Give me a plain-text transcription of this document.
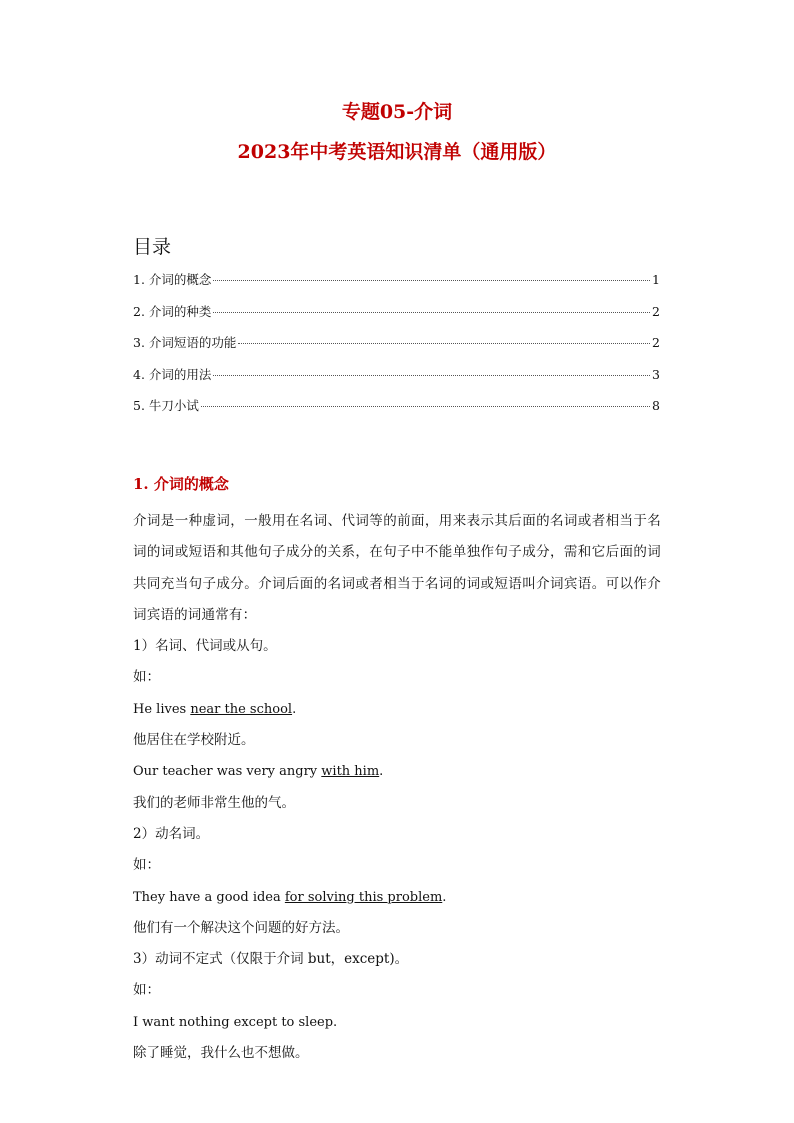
专题05-介词
2023年中考英语知识清单（通用版）
目录
1. 介词的概念	1
2. 介词的种类	2
3. 介词短语的功能	2
4. 介词的用法	3
5. 牛刀小试	8
1. 介词的概念

介词是一种虚词，一般用在名词、代词等的前面，用来表示其后面的名词或者相当于名词的词或短语和其他句子成分的关系，在句子中不能单独作句子成分，需和它后面的词共同充当句子成分。介词后面的名词或者相当于名词的词或短语叫介词宾语。可以作介词宾语的词通常有：

1）名词、代词或从句。
如：
He lives near the school.
他居住在学校附近。
Our teacher was very angry with him.
我们的老师非常生他的气。
2）动名词。
如：
They have a good idea for solving this problem.
他们有一个解决这个问题的好方法。
3）动词不定式（仅限于介词 but，except)。
如：
I want nothing except to sleep.
除了睡觉，我什么也不想做。
